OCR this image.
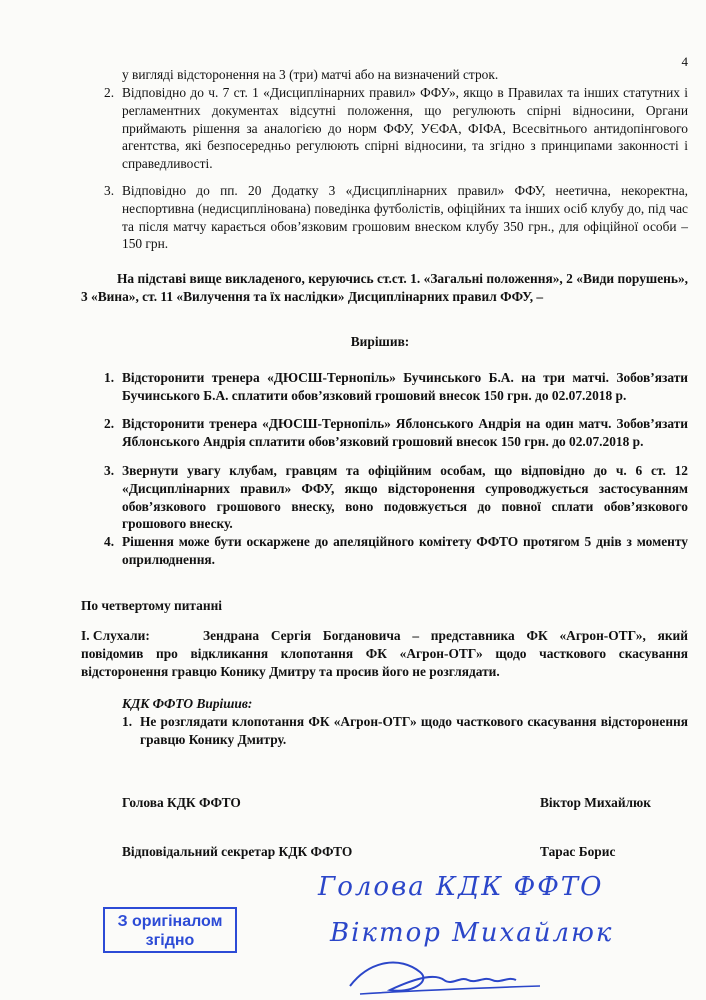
4
у вигляді відсторонення на 3 (три) матчі або на визначений строк.
2. Відповідно до ч. 7 ст. 1 «Дисциплінарних правил» ФФУ», якщо в Правилах та інших статутних і регламентних документах відсутні положення, що регулюють спірні відносини, Органи приймають рішення за аналогією до норм ФФУ, УЄФА, ФІФА, Всесвітнього антидопінгового агентства, які безпосередньо регулюють спірні відносини, та згідно з принципами законності і справедливості.
3. Відповідно до пп. 20 Додатку 3 «Дисциплінарних правил» ФФУ, неетична, некоректна, неспортивна (недисциплінована) поведінка футболістів, офіційних та інших осіб клубу до, під час та після матчу карається обов’язковим грошовим внеском клубу 350 грн., для офіційної особи – 150 грн.
На підставі вище викладеного, керуючись ст.ст. 1. «Загальні положення», 2 «Види порушень», 3 «Вина», ст. 11 «Вилучення та їх наслідки» Дисциплінарних правил ФФУ, –
Вирішив:
1. Відсторонити тренера «ДЮСШ-Тернопіль» Бучинського Б.А. на три матчі. Зобов’язати Бучинського Б.А. сплатити обов’язковий грошовий внесок 150 грн. до 02.07.2018 р.
2. Відсторонити тренера «ДЮСШ-Тернопіль» Яблонського Андрія на один матч. Зобов’язати Яблонського Андрія сплатити обов’язковий грошовий внесок 150 грн. до 02.07.2018 р.
3. Звернути увагу клубам, гравцям та офіційним особам, що відповідно до ч. 6 ст. 12 «Дисциплінарних правил» ФФУ, якщо відсторонення супроводжується застосуванням обов’язкового грошового внеску, воно подовжується до повної сплати обов’язкового грошового внеску.
4. Рішення може бути оскаржене до апеляційного комітету ФФТО протягом 5 днів з моменту оприлюднення.
По четвертому питанні
І. Слухали:	Зендрана Сергія Богдановича – представника ФК «Агрон-ОТГ», який повідомив про відкликання клопотання ФК «Агрон-ОТГ» щодо часткового скасування відсторонення гравцю Конику Дмитру та просив його не розглядати.
КДК ФФТО Вирішив:
1. Не розглядати клопотання ФК «Агрон-ОТГ» щодо часткового скасування відсторонення гравцю Конику Дмитру.
Голова КДК ФФТО	Віктор Михайлюк
Відповідальний секретар КДК ФФТО	Тарас Борис
З оригіналом
згідно
Голова КДК ФФТО
Віктор Михайлюк
